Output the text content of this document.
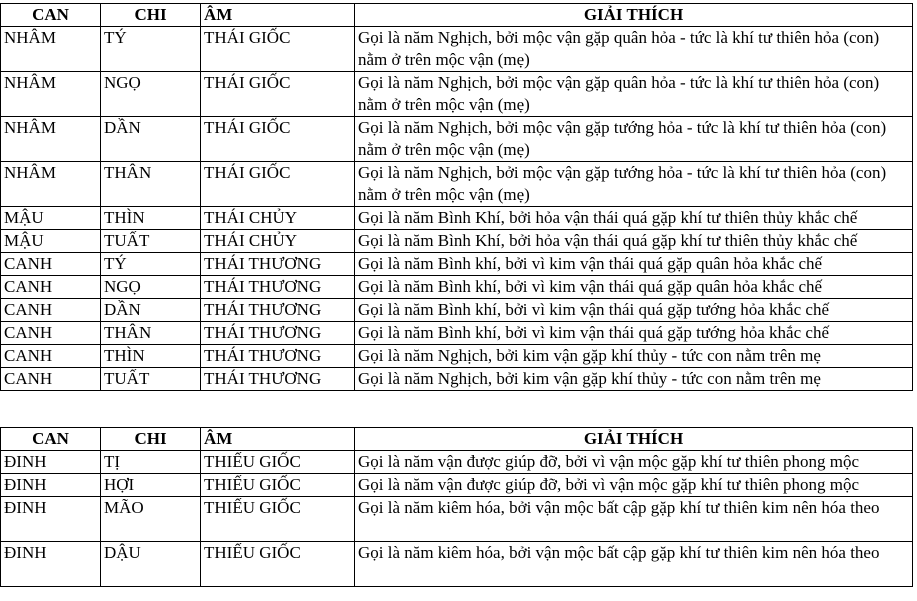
CAN	CHI	ÂM	GIẢI THÍCH
NHÂM	TÝ	THÁI GIỐC	Gọi là năm Nghịch, bởi mộc vận gặp quân hỏa - tức là khí tư thiên hỏa (con) nằm ở trên mộc vận (mẹ)
NHÂM	NGỌ	THÁI GIỐC	Gọi là năm Nghịch, bởi mộc vận gặp quân hỏa - tức là khí tư thiên hỏa (con) nằm ở trên mộc vận (mẹ)
NHÂM	DẦN	THÁI GIỐC	Gọi là năm Nghịch, bởi mộc vận gặp tướng hỏa - tức là khí tư thiên hỏa (con) nằm ở trên mộc vận (mẹ)
NHÂM	THÂN	THÁI GIỐC	Gọi là năm Nghịch, bởi mộc vận gặp tướng hỏa - tức là khí tư thiên hỏa (con) nằm ở trên mộc vận (mẹ)
MẬU	THÌN	THÁI CHỦY	Gọi là năm Bình Khí, bởi hỏa vận thái quá gặp khí tư thiên thủy khắc chế
MẬU	TUẤT	THÁI CHỦY	Gọi là năm Bình Khí, bởi hỏa vận thái quá gặp khí tư thiên thủy khắc chế
CANH	TÝ	THÁI THƯƠNG	Gọi là năm Bình khí, bởi vì kim vận thái quá gặp quân hỏa khắc chế
CANH	NGỌ	THÁI THƯƠNG	Gọi là năm Bình khí, bởi vì kim vận thái quá gặp quân hỏa khắc chế
CANH	DẦN	THÁI THƯƠNG	Gọi là năm Bình khí, bởi vì kim vận thái quá gặp tướng hỏa khắc chế
CANH	THÂN	THÁI THƯƠNG	Gọi là năm Bình khí, bởi vì kim vận thái quá gặp tướng hỏa khắc chế
CANH	THÌN	THÁI THƯƠNG	Gọi là năm Nghịch, bởi kim vận gặp khí thủy - tức con nằm trên mẹ
CANH	TUẤT	THÁI THƯƠNG	Gọi là năm Nghịch, bởi kim vận gặp khí thủy - tức con nằm trên mẹ
CAN	CHI	ÂM	GIẢI THÍCH
ĐINH	TỊ	THIẾU GIỐC	Gọi là năm vận được giúp đỡ, bởi vì vận mộc gặp khí tư thiên phong mộc
ĐINH	HỢI	THIẾU GIỐC	Gọi là năm vận được giúp đỡ, bởi vì vận mộc gặp khí tư thiên phong mộc
ĐINH	MÃO	THIẾU GIỐC	Gọi là năm kiêm hóa, bởi vận mộc bất cập gặp khí tư thiên kim nên hóa theo
ĐINH	DẬU	THIẾU GIỐC	Gọi là năm kiêm hóa, bởi vận mộc bất cập gặp khí tư thiên kim nên hóa theo
